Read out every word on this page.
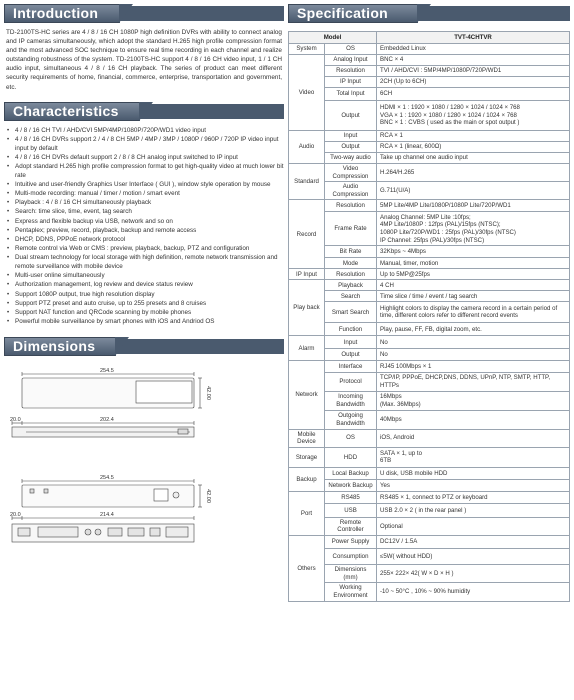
Introduction

TD-2100TS-HC series are 4 / 8 / 16 CH 1080P high definition DVRs with ability to connect analog and IP cameras simultaneously, which adopt the standard H.265 high profile compression format and the most advanced SOC technique to ensure real time recording in each channel and realize outstanding robustness of the system. TD-2100TS-HC support 4 / 8 / 16 CH video input, 1 / 1 CH audio input, simultaneous 4 / 8 / 16 CH playback. The series of product can meet different security requirements of home, financial, commerce, enterprise, transportation and government, etc.

Characteristics
• 4 / 8 / 16 CH TVI / AHD/CVI 5MP/4MP/1080P/720P/WD1 video input
• 4 / 8 / 16 CH DVRs support 2 / 4 / 8 CH 5MP / 4MP / 3MP / 1080P / 960P / 720P IP video input input by default
• 4 / 8 / 16 CH DVRs default support 2 / 8 / 8 CH analog input switched to IP input
• Adopt standard H.265 high profile compression format to get high-quality video at much lower bit rate
• Intuitive and user-friendly Graphics User Interface ( GUI ), window style operation by mouse
• Multi-mode recording: manual / timer / motion / smart event
• Playback : 4 / 8 / 16 CH simultaneously playback
• Search: time slice, time, event, tag search
• Express and flexible backup via USB, network and so on
• Pentaplex; preview, record, playback, backup and remote access
• DHCP, DDNS, PPPoE network protocol
• Remote control via Web or CMS : preview, playback, backup, PTZ and configuration
• Dual stream technology for local storage with high definition, remote network transmission and remote surveillance with mobile device
• Multi-user online simultaneously
• Authorization management, log review and device status review
• Support 1080P output, true high resolution display
• Support PTZ preset and auto cruise, up to 255 presets and 8 cruises
• Support NAT function and QRCode scanning by mobile phones
• Powerful mobile surveillance by smart phones with iOS and Andriod OS
Dimensions
254.5
42.00
20.0	202.4
254.5
42.00
20.0	214.4
Specification
Model		TVT-4CHTVR
System	OS	Embedded Linux
Video	Analog Input	BNC × 4
	Resolution	TVI / AHD/CVI : 5MP/4MP/1080P/720P/WD1
	IP Input	2CH (Up to 6CH)
	Total Input	6CH
	Output	HDMI × 1 : 1920 × 1080 / 1280 × 1024 / 1024 × 768
VGA × 1 : 1920 × 1080 / 1280 × 1024 / 1024 × 768
BNC × 1 : CVBS ( used as the main or spot output )
Audio	Input	RCA × 1
	Output	RCA × 1 (linear, 600Ω)
	Two-way audio	Take up channel one audio input
Standard	Video Compression	H.264/H.265
	Audio Compression	G.711(U/A)
Record	Resolution	5MP Lite/4MP Lite/1080P/1080P Lite/720P/WD1
	Frame Rate	Analog Channel: 5MP Lite :10fps;
4MP Lite/1080P : 12fps (PAL)/15fps (NTSC);
1080P Lite/720P/WD1 : 25fps (PAL)/30fps (NTSC)
IP Channel: 25fps (PAL)/30fps (NTSC)
	Bit Rate	32Kbps ~ 4Mbps
	Mode	Manual, timer, motion
IP Input	Resolution	Up to 5MP@25fps
Play back	Playback	4 CH
	Search	Time slice / time / event / tag search
	Smart Search	Highlight colors to display the camera record in a certain period of time, different colors refer to different record events
	Function	Play, pause, FF, FB, digital zoom, etc.
Alarm	Input	No
	Output	No
Network	Interface	RJ45 100Mbps × 1
	Protocol	TCP/IP, PPPoE, DHCP,DNS, DDNS, UPnP, NTP, SMTP, HTTP, HTTPs
	Incoming Bandwidth	16Mbps
(Max. 36Mbps)
	Outgoing Bandwidth	40Mbps
Mobile Device	OS	iOS, Android
Storage	HDD	SATA × 1, up to
6TB
Backup	Local Backup	U disk, USB mobile HDD
	Network Backup	Yes
Port	RS485	RS485 × 1, connect to PTZ or keyboard
	USB	USB 2.0 × 2 ( in the rear panel )
	Remote Controller	Optional
Others	Power Supply	DC12V / 1.5A
	Consumption	≤5W( without HDD)
	Dimensions (mm)	255× 222× 42( W × D × H )
	Working Environment	-10 ~ 50°C , 10% ~ 90% humidity
